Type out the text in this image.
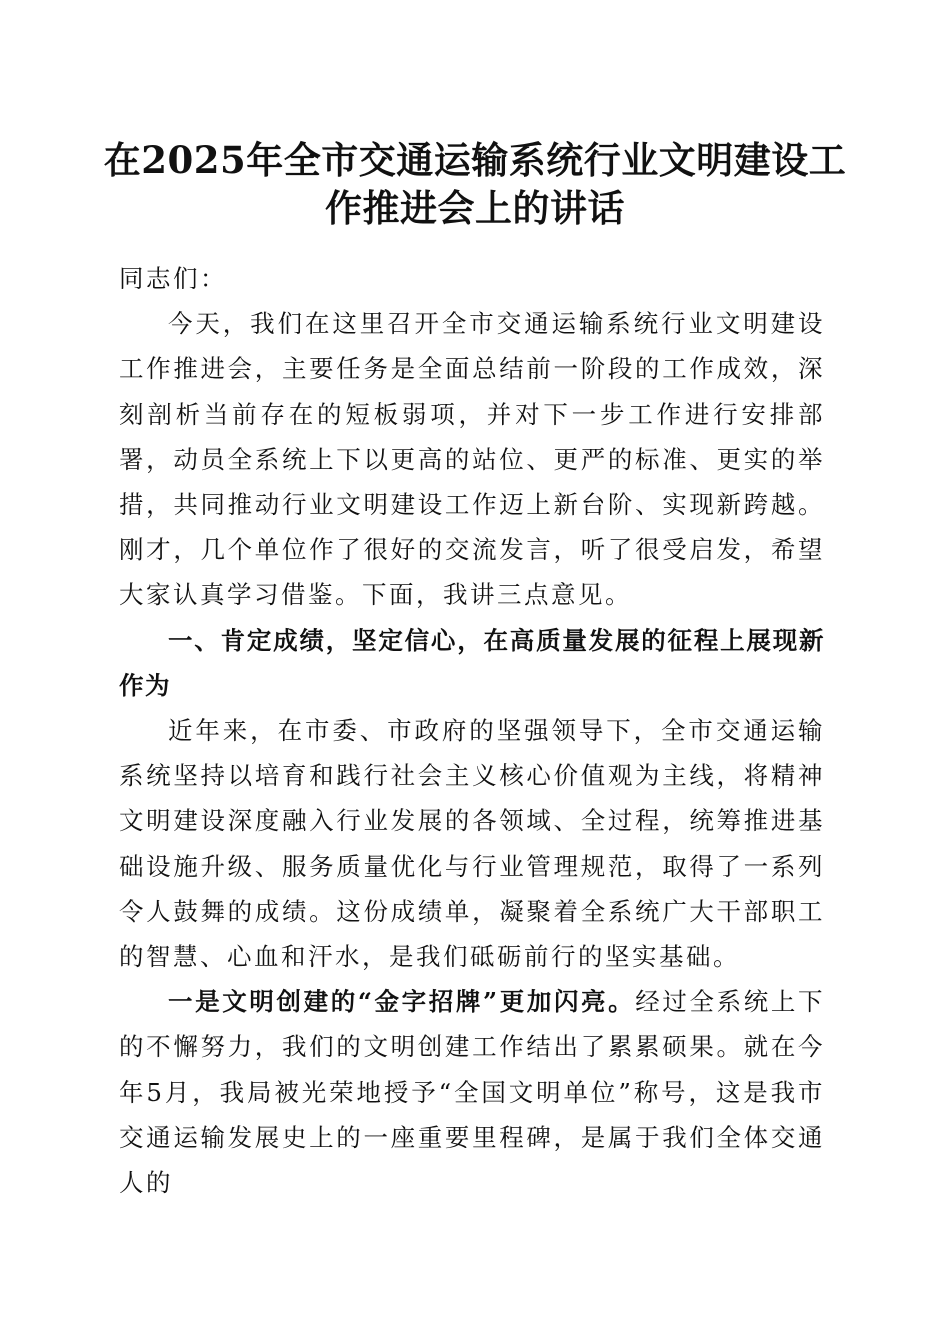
在2025年全市交通运输系统行业文明建设工作推进会上的讲话

同志们：

今天，我们在这里召开全市交通运输系统行业文明建设工作推进会，主要任务是全面总结前一阶段的工作成效，深刻剖析当前存在的短板弱项，并对下一步工作进行安排部署，动员全系统上下以更高的站位、更严的标准、更实的举措，共同推动行业文明建设工作迈上新台阶、实现新跨越。刚才，几个单位作了很好的交流发言，听了很受启发，希望大家认真学习借鉴。下面，我讲三点意见。

一、肯定成绩，坚定信心，在高质量发展的征程上展现新作为

近年来，在市委、市政府的坚强领导下，全市交通运输系统坚持以培育和践行社会主义核心价值观为主线，将精神文明建设深度融入行业发展的各领域、全过程，统筹推进基础设施升级、服务质量优化与行业管理规范，取得了一系列令人鼓舞的成绩。这份成绩单，凝聚着全系统广大干部职工的智慧、心血和汗水，是我们砥砺前行的坚实基础。

一是文明创建的“金字招牌”更加闪亮。经过全系统上下的不懈努力，我们的文明创建工作结出了累累硕果。就在今年5月，我局被光荣地授予“全国文明单位”称号，这是我市交通运输发展史上的一座重要里程碑，是属于我们全体交通人的
